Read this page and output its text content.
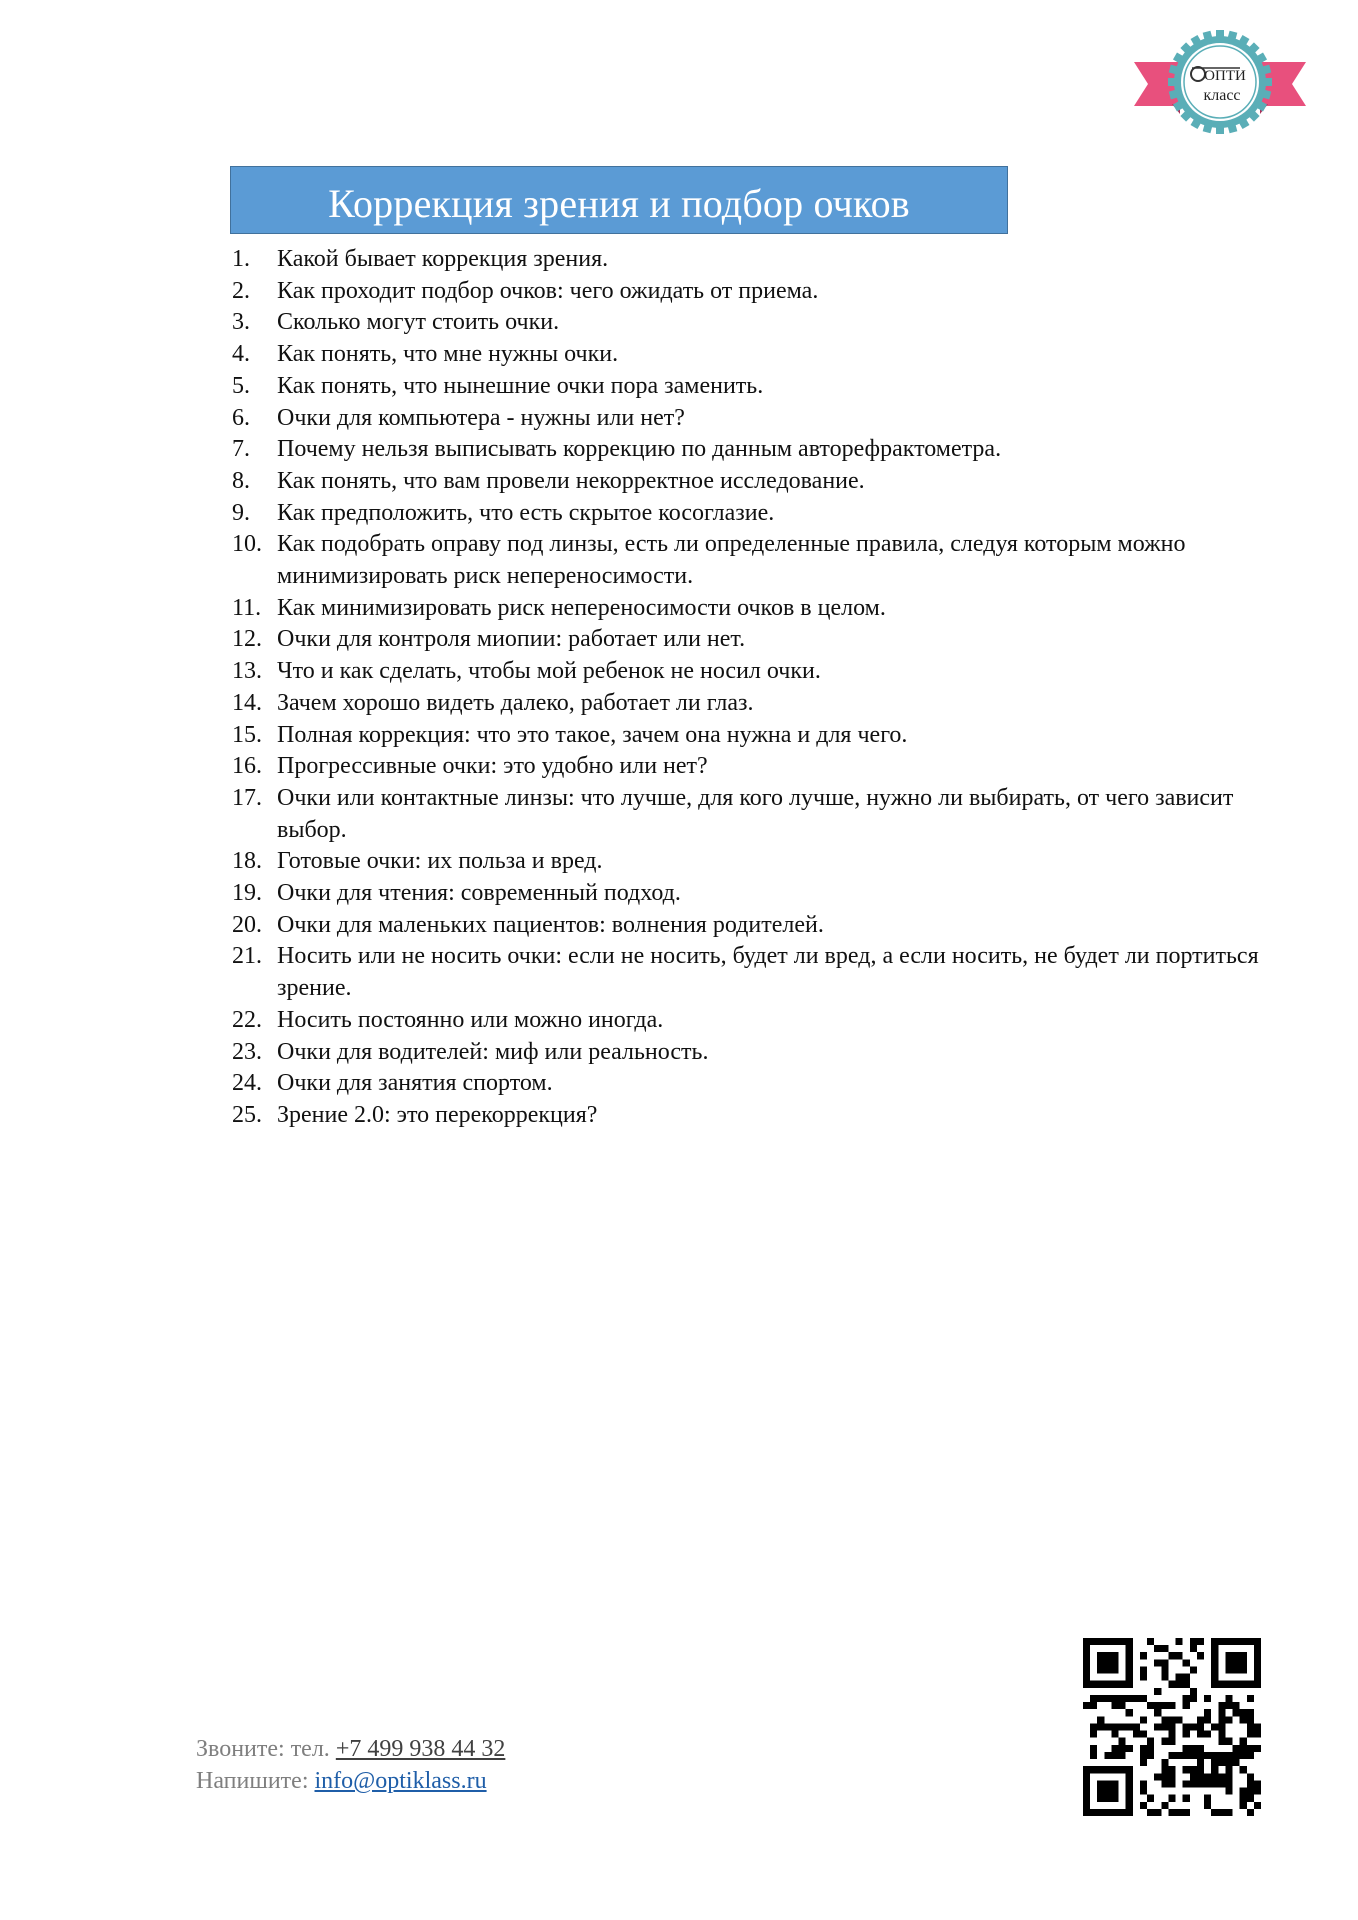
ОПТИ
класс
Коррекция зрения и подбор очков
1.	Какой бывает коррекция зрения.
2.	Как проходит подбор очков: чего ожидать от приема.
3.	Сколько могут стоить очки.
4.	Как понять, что мне нужны очки.
5.	Как понять, что нынешние очки пора заменить.
6.	Очки для компьютера - нужны или нет?
7.	Почему нельзя выписывать коррекцию по данным авторефрактометра.
8.	Как понять, что вам провели некорректное исследование.
9.	Как предположить, что есть скрытое косоглазие.
10. Как подобрать оправу под линзы, есть ли определенные правила, следуя которым можно минимизировать риск непереносимости.
11. Как минимизировать риск непереносимости очков в целом.
12. Очки для контроля миопии: работает или нет.
13. Что и как сделать, чтобы мой ребенок не носил очки.
14. Зачем хорошо видеть далеко, работает ли глаз.
15. Полная коррекция: что это такое, зачем она нужна и для чего.
16. Прогрессивные очки: это удобно или нет?
17. Очки или контактные линзы: что лучше, для кого лучше, нужно ли выбирать, от чего зависит выбор.
18. Готовые очки: их польза и вред.
19. Очки для чтения: современный подход.
20. Очки для маленьких пациентов: волнения родителей.
21. Носить или не носить очки: если не носить, будет ли вред, а если носить, не будет ли портиться зрение.
22. Носить постоянно или можно иногда.
23. Очки для водителей: миф или реальность.
24. Очки для занятия спортом.
25. Зрение 2.0: это перекоррекция?
Звоните: тел. +7 499 938 44 32
Напишите: info@optiklass.ru
